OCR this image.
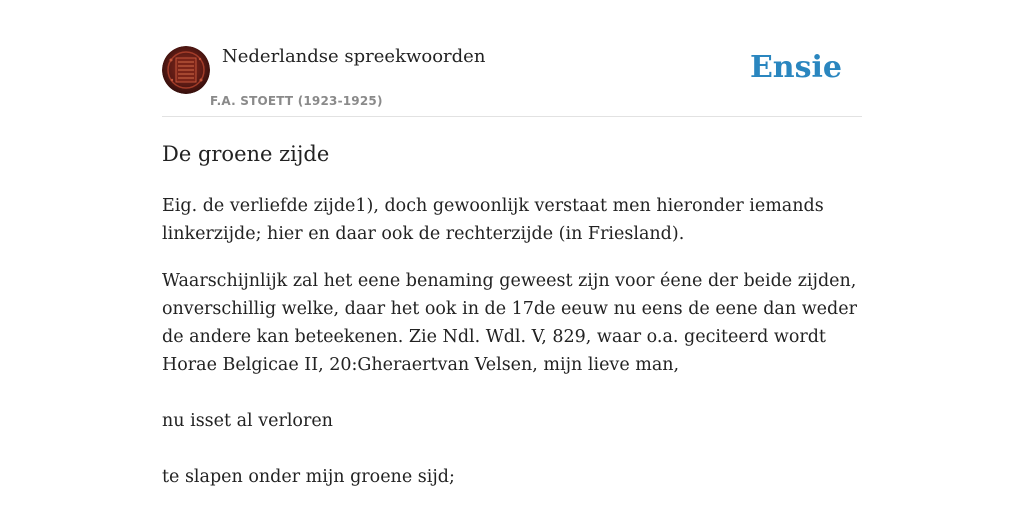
Nederlandse spreekwoorden
F.A. STOETT (1923-1925)
Ensie
De groene zijde

Eig. de verliefde zijde1), doch gewoonlijk verstaat men hieronder iemands linkerzijde; hier en daar ook de rechterzijde (in Friesland).

Waarschijnlijk zal het eene benaming geweest zijn voor éene der beide zijden, onverschillig welke, daar het ook in de 17de eeuw nu eens de eene dan weder de andere kan beteekenen. Zie Ndl. Wdl. V, 829, waar o.a. geciteerd wordt Horae Belgicae II, 20:Gheraertvan Velsen, mijn lieve man,

nu isset al verloren

te slapen onder mijn groene sijd;
